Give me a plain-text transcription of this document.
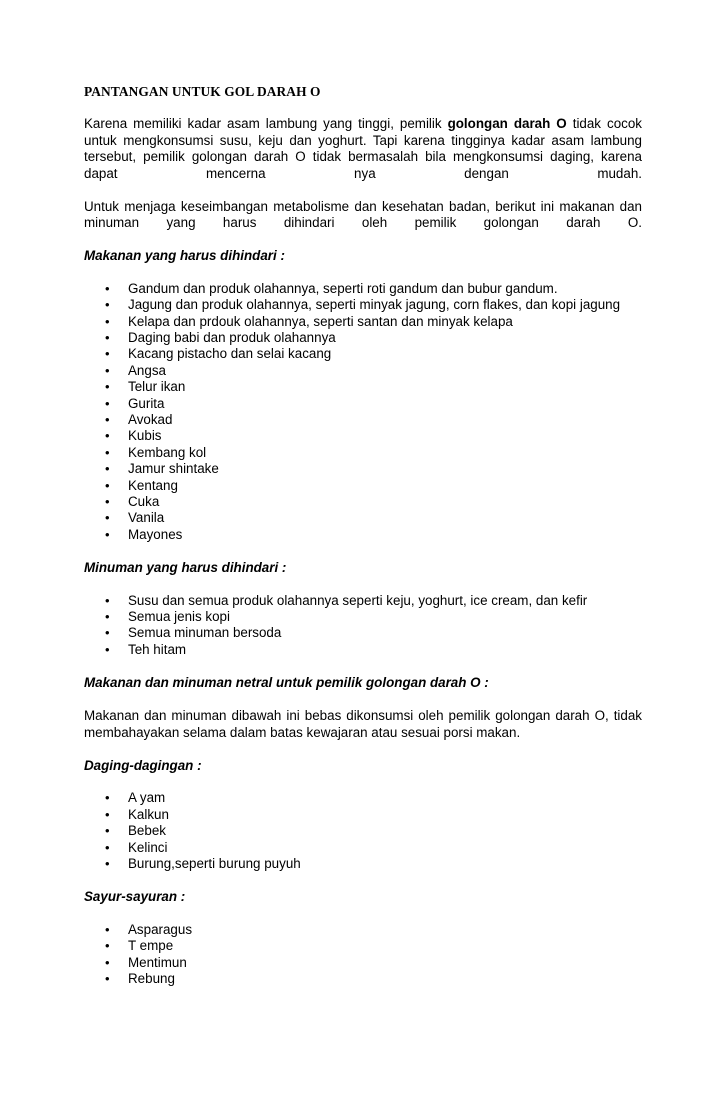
PANTANGAN UNTUK GOL DARAH O

Karena memiliki kadar asam lambung yang tinggi, pemilik golongan darah O tidak cocok untuk mengkonsumsi susu, keju dan yoghurt. Tapi karena tingginya kadar asam lambung tersebut, pemilik golongan darah O tidak bermasalah bila mengkonsumsi daging, karena dapat mencerna nya dengan mudah.

Untuk menjaga keseimbangan metabolisme dan kesehatan badan, berikut ini makanan dan minuman yang harus dihindari oleh pemilik golongan darah O.

Makanan yang harus dihindari :
• Gandum dan produk olahannya, seperti roti gandum dan bubur gandum.
• Jagung dan produk olahannya, seperti minyak jagung, corn flakes, dan kopi jagung
• Kelapa dan prdouk olahannya, seperti santan dan minyak kelapa
• Daging babi dan produk olahannya
• Kacang pistacho dan selai kacang
• Angsa
• Telur ikan
• Gurita
• Avokad
• Kubis
• Kembang kol
• Jamur shintake
• Kentang
• Cuka
• Vanila
• Mayones
Minuman yang harus dihindari :
• Susu dan semua produk olahannya seperti keju, yoghurt, ice cream, dan kefir
• Semua jenis kopi
• Semua minuman bersoda
• Teh hitam
Makanan dan minuman netral untuk pemilik golongan darah O :

Makanan dan minuman dibawah ini bebas dikonsumsi oleh pemilik golongan darah O, tidak membahayakan selama dalam batas kewajaran atau sesuai porsi makan.

Daging-dagingan :
• A yam
• Kalkun
• Bebek
• Kelinci
• Burung,seperti burung puyuh
Sayur-sayuran :
• Asparagus
• T empe
• Mentimun
• Rebung
